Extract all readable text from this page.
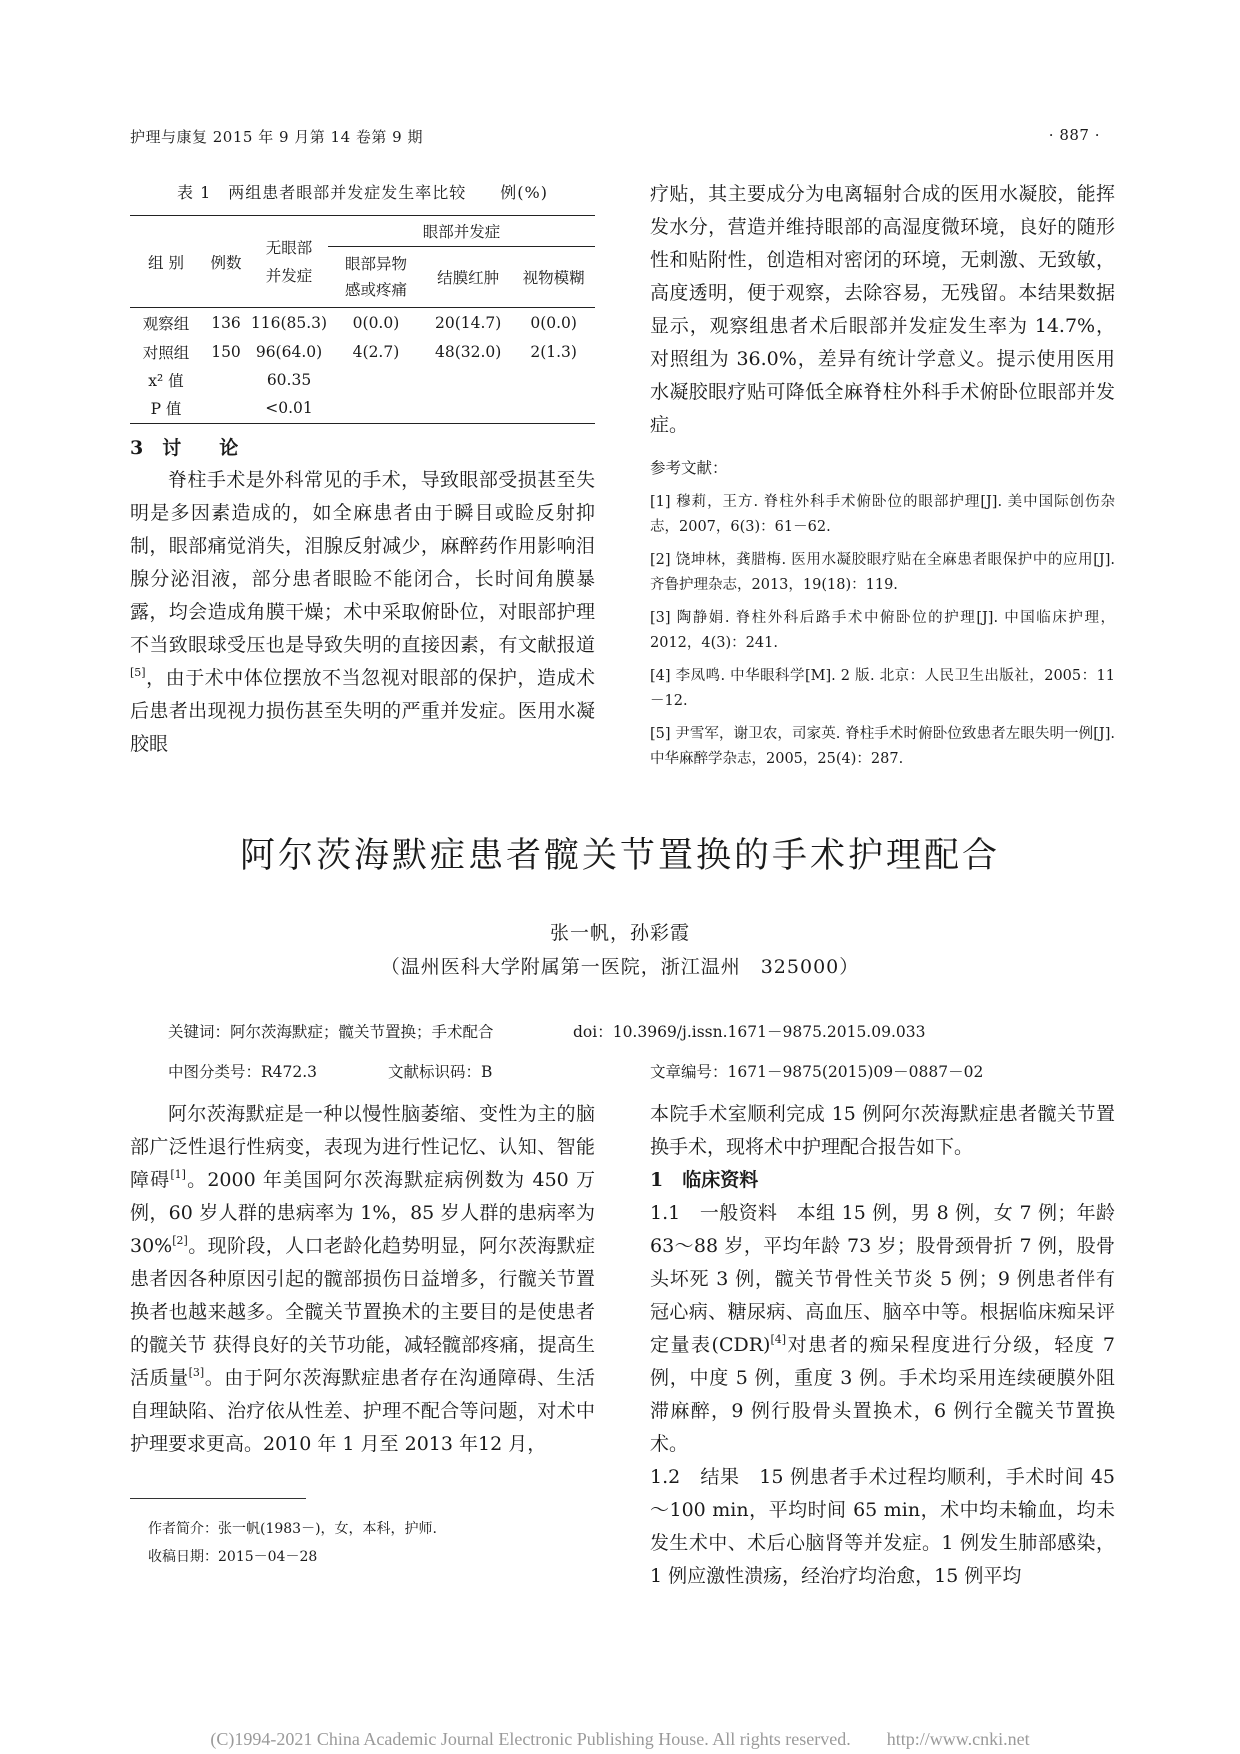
护理与康复 2015 年 9 月第 14 卷第 9 期	· 887 ·
表 1　两组患者眼部并发症发生率比较　　例(%)
组 别	例数	无眼部并发症	眼部并发症		
			眼部异物感或疼痛	结膜红肿	视物模糊
观察组	136	116(85.3)	0(0.0)	20(14.7)	0(0.0)
对照组	150	96(64.0)	4(2.7)	48(32.0)	2(1.3)
x² 值		60.35			
P 值		<0.01			
3　讨　　论

脊柱手术是外科常见的手术，导致眼部受损甚至失明是多因素造成的，如全麻患者由于瞬目或睑反射抑制，眼部痛觉消失，泪腺反射减少，麻醉药作用影响泪腺分泌泪液，部分患者眼睑不能闭合，长时间角膜暴露，均会造成角膜干燥；术中采取俯卧位，对眼部护理不当致眼球受压也是导致失明的直接因素，有文献报道[5]，由于术中体位摆放不当忽视对眼部的保护，造成术后患者出现视力损伤甚至失明的严重并发症。医用水凝胶眼

疗贴，其主要成分为电离辐射合成的医用水凝胶，能挥发水分，营造并维持眼部的高湿度微环境，良好的随形性和贴附性，创造相对密闭的环境，无刺激、无致敏，高度透明，便于观察，去除容易，无残留。本结果数据显示，观察组患者术后眼部并发症发生率为 14.7%，对照组为 36.0%，差异有统计学意义。提示使用医用水凝胶眼疗贴可降低全麻脊柱外科手术俯卧位眼部并发症。

参考文献：

[1] 穆莉，王方. 脊柱外科手术俯卧位的眼部护理[J]. 美中国际创伤杂志，2007，6(3)：61－62.

[2] 饶坤林，龚腊梅. 医用水凝胶眼疗贴在全麻患者眼保护中的应用[J]. 齐鲁护理杂志，2013，19(18)：119.

[3] 陶静娟. 脊柱外科后路手术中俯卧位的护理[J]. 中国临床护理，2012，4(3)：241.

[4] 李凤鸣. 中华眼科学[M]. 2 版. 北京：人民卫生出版社，2005：11－12.

[5] 尹雪军，谢卫农，司家英. 脊柱手术时俯卧位致患者左眼失明一例[J]. 中华麻醉学杂志，2005，25(4)：287.

阿尔茨海默症患者髋关节置换的手术护理配合
张一帆，孙彩霞
（温州医科大学附属第一医院，浙江温州　325000）
关键词：阿尔茨海默症；髋关节置换；手术配合	doi：10.3969/j.issn.1671－9875.2015.09.033
中图分类号：R472.3	文献标识码：B	文章编号：1671－9875(2015)09－0887－02

阿尔茨海默症是一种以慢性脑萎缩、变性为主的脑部广泛性退行性病变，表现为进行性记忆、认知、智能障碍[1]。2000 年美国阿尔茨海默症病例数为 450 万例，60 岁人群的患病率为 1%，85 岁人群的患病率为 30%[2]。现阶段，人口老龄化趋势明显，阿尔茨海默症患者因各种原因引起的髋部损伤日益增多，行髋关节置换者也越来越多。全髋关节置换术的主要目的是使患者的髋关节 获得良好的关节功能，减轻髋部疼痛，提高生活质量[3]。由于阿尔茨海默症患者存在沟通障碍、生活自理缺陷、治疗依从性差、护理不配合等问题，对术中护理要求更高。2010 年 1 月至 2013 年12 月，

作者简介：张一帆(1983－)，女，本科，护师.
收稿日期：2015－04－28

本院手术室顺利完成 15 例阿尔茨海默症患者髋关节置换手术，现将术中护理配合报告如下。

1　临床资料

1.1　一般资料　本组 15 例，男 8 例，女 7 例；年龄 63～88 岁，平均年龄 73 岁；股骨颈骨折 7 例，股骨头坏死 3 例，髋关节骨性关节炎 5 例；9 例患者伴有冠心病、糖尿病、高血压、脑卒中等。根据临床痴呆评定量表(CDR)[4]对患者的痴呆程度进行分级，轻度 7 例，中度 5 例，重度 3 例。手术均采用连续硬膜外阻滞麻醉，9 例行股骨头置换术，6 例行全髋关节置换术。

1.2　结果　15 例患者手术过程均顺利，手术时间 45～100 min，平均时间 65 min，术中均未输血，均未发生术中、术后心脑肾等并发症。1 例发生肺部感染，1 例应激性溃疡，经治疗均治愈，15 例平均

(C)1994-2021 China Academic Journal Electronic Publishing House. All rights reserved.　　http://www.cnki.net
